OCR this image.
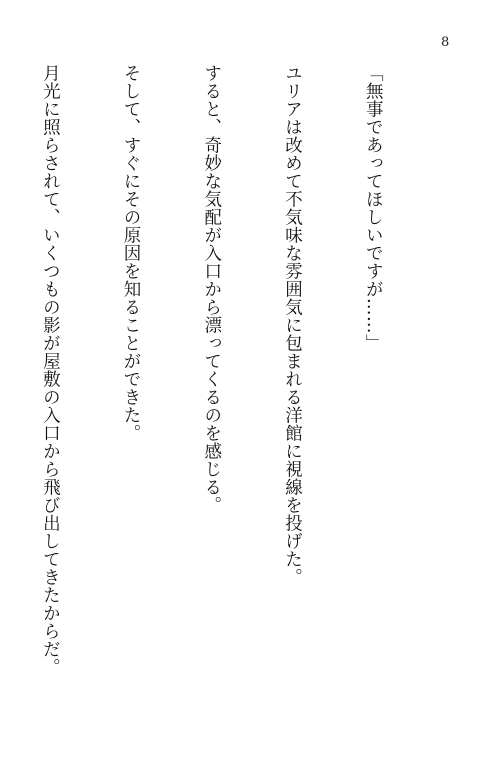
8

「無事であってほしいですが……」

ユリアは改めて不気味な雰囲気に包まれる洋館に視線を投げた。

すると、奇妙な気配が入口から漂ってくるのを感じる。

そして、すぐにその原因を知ることができた。

月光に照らされて、いくつもの影が屋敷の入口から飛び出してきたからだ。
